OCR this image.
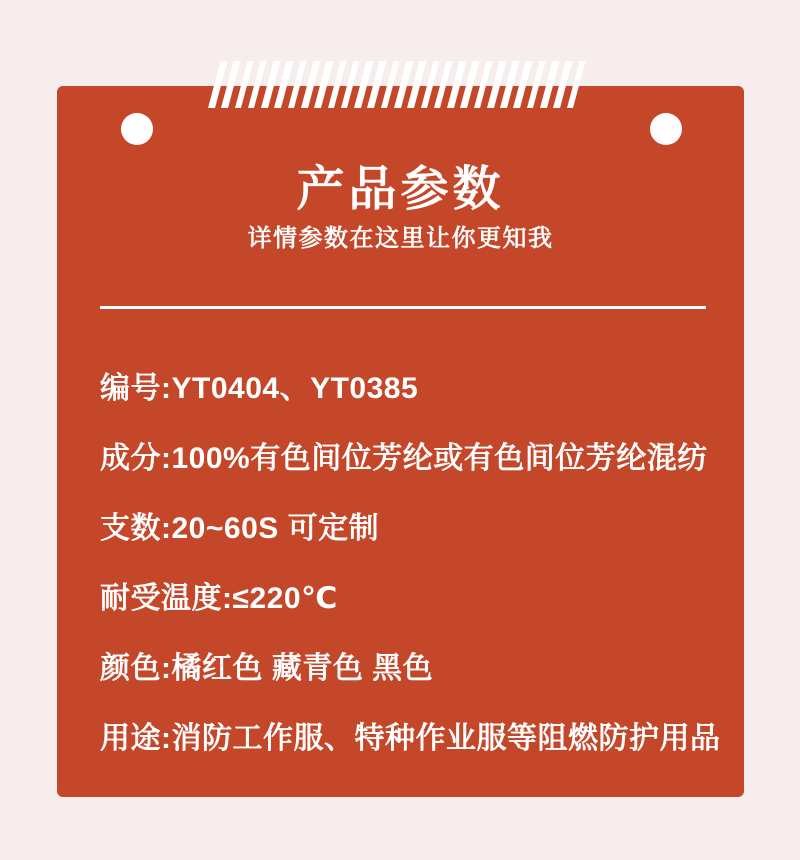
产品参数
详情参数在这里让你更知我
编号:YT0404、YT0385
成分:100%有色间位芳纶或有色间位芳纶混纺
支数:20~60S 可定制
耐受温度:≤220℃
颜色:橘红色 藏青色 黑色
用途:消防工作服、特种作业服等阻燃防护用品
